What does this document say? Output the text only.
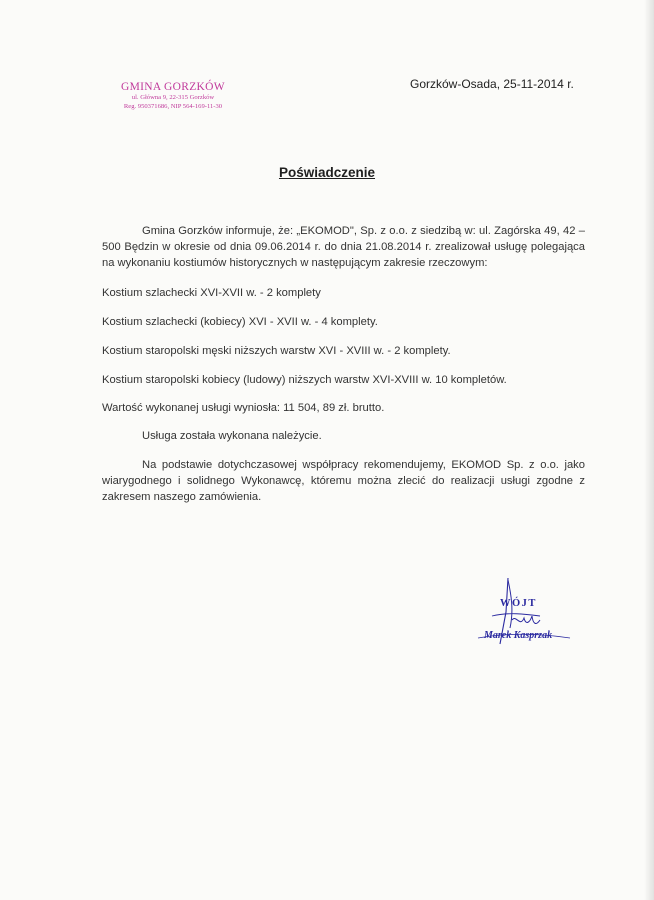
GMINA GORZKÓW
ul. Główna 9, 22-315 Gorzków
Reg. 950371686, NIP 564-169-11-30
Gorzków-Osada, 25-11-2014 r.
Poświadczenie

Gmina Gorzków informuje, że: „EKOMOD", Sp. z o.o. z siedzibą w: ul. Zagórska 49, 42 – 500 Będzin w okresie od dnia 09.06.2014 r. do dnia 21.08.2014 r. zrealizował usługę polegająca na wykonaniu kostiumów historycznych w następującym zakresie rzeczowym:

Kostium szlachecki XVI-XVII w. - 2 komplety
Kostium szlachecki (kobiecy) XVI - XVII w. - 4 komplety.
Kostium staropolski męski niższych warstw XVI - XVIII w. - 2 komplety.
Kostium staropolski kobiecy (ludowy) niższych warstw XVI-XVIII w. 10 kompletów.

Wartość wykonanej usługi wyniosła: 11 504, 89 zł. brutto.

Usługa została wykonana należycie.

Na podstawie dotychczasowej współpracy rekomendujemy, EKOMOD Sp. z o.o. jako wiarygodnego i solidnego Wykonawcę, któremu można zlecić do realizacji usługi zgodne z zakresem naszego zamówienia.

WÓJT
Marek Kasprzak
